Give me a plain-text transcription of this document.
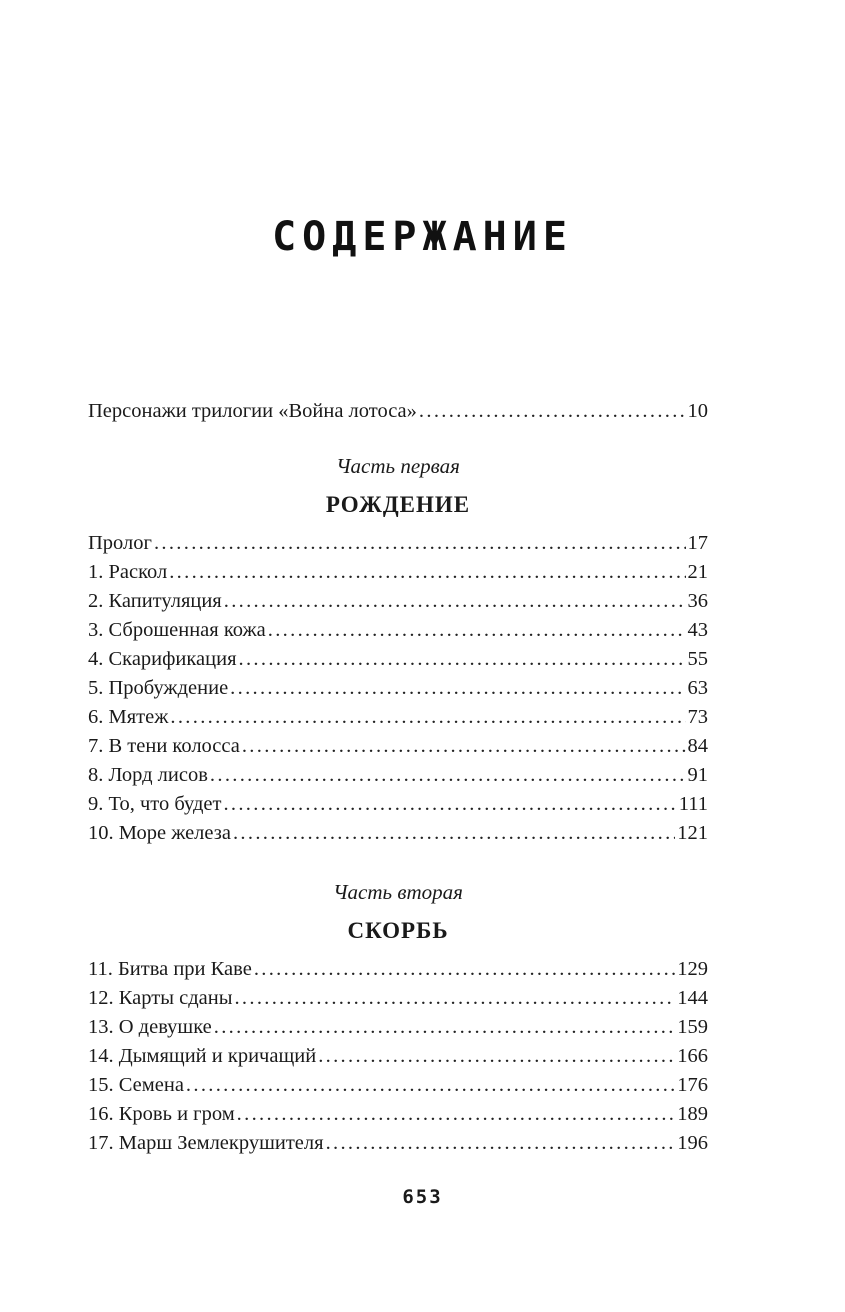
СОДЕРЖАНИЕ
Персонажи трилогии «Война лотоса» . . .	10
Часть первая
РОЖДЕНИЕ
Пролог . . .	17
1. Раскол . . .	21
2. Капитуляция . . .	36
3. Сброшенная кожа . . .	43
4. Скарификация . . .	55
5. Пробуждение . . .	63
6. Мятеж . . .	73
7. В тени колосса . . .	84
8. Лорд лисов . . .	91
9. То, что будет . . .	111
10. Море железа . . .	121
Часть вторая
СКОРБЬ
11. Битва при Каве . . .	129
12. Карты сданы . . .	144
13. О девушке . . .	159
14. Дымящий и кричащий . . .	166
15. Семена . . .	176
16. Кровь и гром . . .	189
17. Марш Землекрушителя . . .	196
653
